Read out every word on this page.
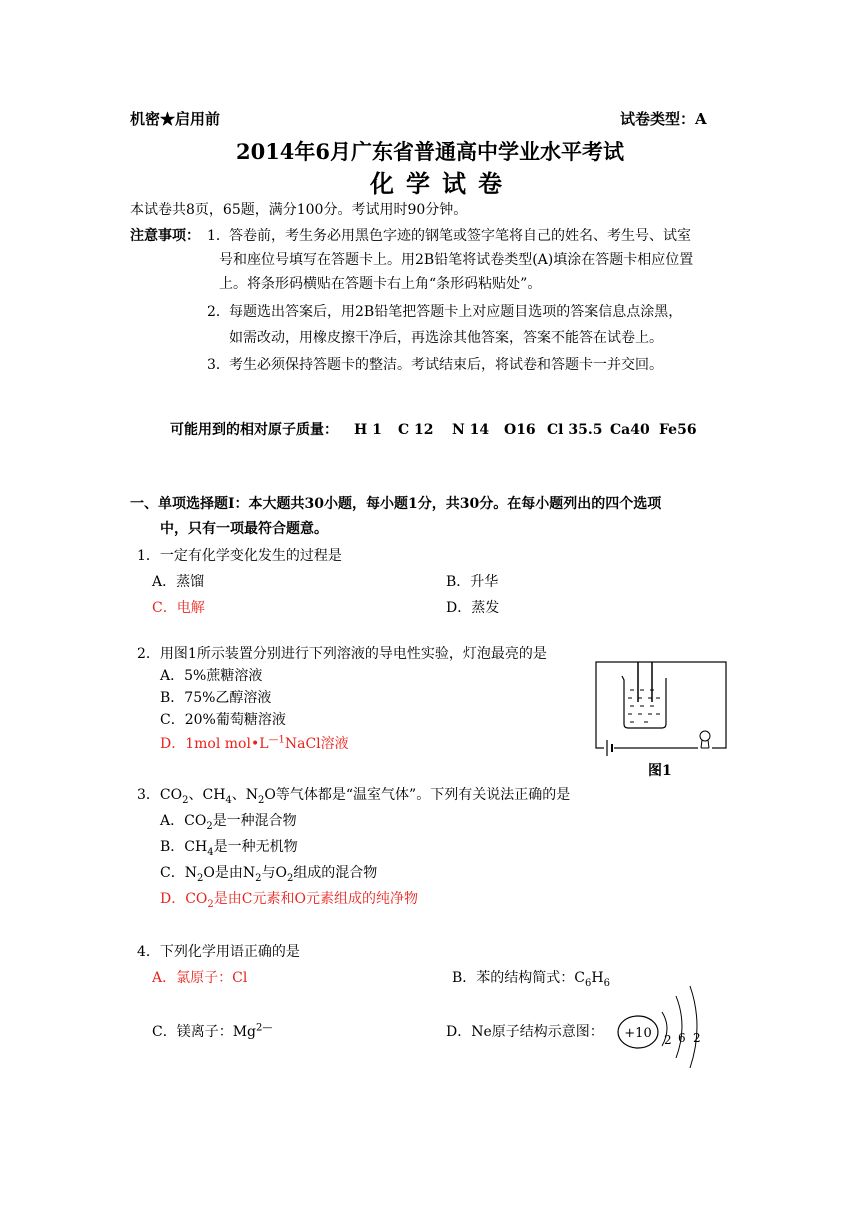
机密★启用前	试卷类型：A
2014年6月广东省普通高中学业水平考试
化学试卷
本试卷共8页，65题，满分100分。考试用时90分钟。
注意事项： 1． 答卷前，考生务必用黑色字迹的钢笔或签字笔将自己的姓名、考生号、试室
号和座位号填写在答题卡上。用2B铅笔将试卷类型(A)填涂在答题卡相应位置
上。将条形码横贴在答题卡右上角“条形码粘贴处”。
2． 每题选出答案后，用2B铅笔把答题卡上对应题目选项的答案信息点涂黑，
如需改动，用橡皮擦干净后，再选涂其他答案，答案不能答在试卷上。
3． 考生必须保持答题卡的整洁。考试结束后，将试卷和答题卡一并交回。
可能用到的相对原子质量： H 1 C 12 N 14 O16 Cl 35.5 Ca40 Fe56
一、单项选择题Ⅰ：本大题共30小题，每小题1分，共30分。在每小题列出的四个选项
中，只有一项最符合题意。
1．一定有化学变化发生的过程是
A．蒸馏	B．升华
C．电解	D．蒸发
2．用图1所示装置分别进行下列溶液的导电性实验，灯泡最亮的是
A．5%蔗糖溶液
B．75%乙醇溶液
C．20%葡萄糖溶液
D．1mol $mol•L^{—1}NaCl$溶液
图1
3．$CO_2$、$CH_4$、$N_2O$等气体都是“温室气体”。下列有关说法正确的是
A．$CO_2$是一种混合物
B．$CH_4$是一种无机物
C．$N_2O$是由$N_2$与$O_2$组成的混合物
D．$CO_2$是由C元素和O元素组成的纯净物
4．下列化学用语正确的是
A．氯原子：Cl	B．苯的结构简式：$C_6H_6$
C．镁离子：$Mg^{2—}$	D．Ne原子结构示意图： +10 2 6 2
